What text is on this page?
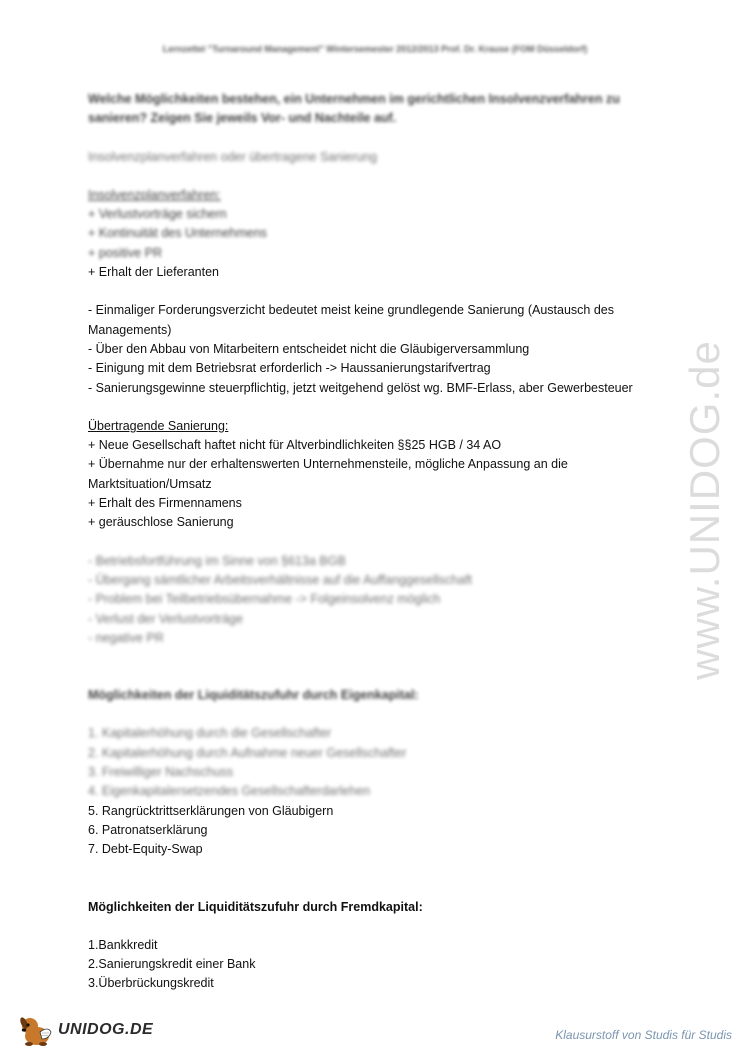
Lernzettel "Turnaround Management" Wintersemester 2012/2013 Prof. Dr. Krause (FOM Düsseldorf)
Welche Möglichkeiten bestehen, ein Unternehmen im gerichtlichen Insolvenzverfahren zu sanieren? Zeigen Sie jeweils Vor- und Nachteile auf.
Insolvenzplanverfahren oder übertragene Sanierung
Insolvenzplanverfahren:
+ Verlustvorträge sichern
+ Kontinuität des Unternehmens
+ positive PR
+ Erhalt der Lieferanten
- Einmaliger Forderungsverzicht bedeutet meist keine grundlegende Sanierung (Austausch des Managements)
- Über den Abbau von Mitarbeitern entscheidet nicht die Gläubigerversammlung
- Einigung mit dem Betriebsrat erforderlich -> Haussanierungstarifvertrag
- Sanierungsgewinne steuerpflichtig, jetzt weitgehend gelöst wg. BMF-Erlass, aber Gewerbesteuer
Übertragende Sanierung:
+ Neue Gesellschaft haftet nicht für Altverbindlichkeiten §§25 HGB / 34 AO
+ Übernahme nur der erhaltenswerten Unternehmensteile, mögliche Anpassung an die Marktsituation/Umsatz
+ Erhalt des Firmennamens
+ geräuschlose Sanierung
- Betriebsfortführung im Sinne von §613a BGB
- Übergang sämtlicher Arbeitsverhältnisse auf die Auffanggesellschaft
- Problem bei Teilbetriebsübernahme -> Folgeinsolvenz möglich
- Verlust der Verlustvorträge
- negative PR
Möglichkeiten der Liquiditätszufuhr durch Eigenkapital:
1. Kapitalerhöhung durch die Gesellschafter
2. Kapitalerhöhung durch Aufnahme neuer Gesellschafter
3. Freiwilliger Nachschuss
4. Eigenkapitalersetzendes Gesellschafterdarlehen
5. Rangrücktrittserklärungen von Gläubigern
6. Patronatserklärung
7. Debt-Equity-Swap
Möglichkeiten der Liquiditätszufuhr durch Fremdkapital:
1.Bankkredit
2.Sanierungskredit einer Bank
3.Überbrückungskredit
www.UNIDOG.de
UNIDOG.DE	Klausurstoff von Studis für Studis
